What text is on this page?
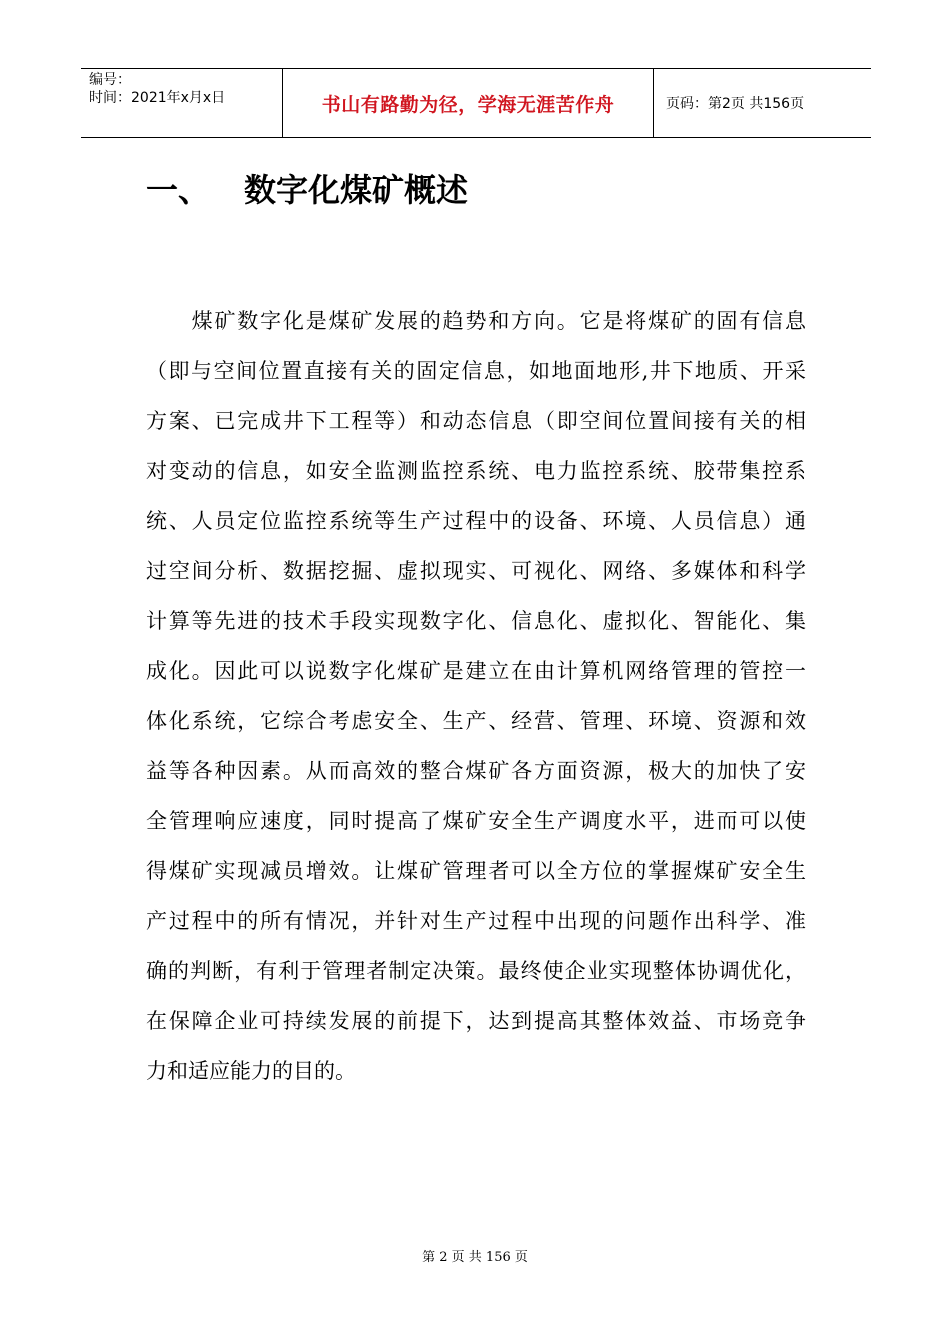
编号：
时间：2021年x月x日	书山有路勤为径，学海无涯苦作舟	页码：第2页 共156页
一、	数字化煤矿概述
　　煤矿数字化是煤矿发展的趋势和方向。它是将煤矿的固有信息
（即与空间位置直接有关的固定信息，如地面地形,井下地质、开采
方案、已完成井下工程等）和动态信息（即空间位置间接有关的相
对变动的信息，如安全监测监控系统、电力监控系统、胶带集控系
统、人员定位监控系统等生产过程中的设备、环境、人员信息）通
过空间分析、数据挖掘、虚拟现实、可视化、网络、多媒体和科学
计算等先进的技术手段实现数字化、信息化、虚拟化、智能化、集
成化。因此可以说数字化煤矿是建立在由计算机网络管理的管控一
体化系统，它综合考虑安全、生产、经营、管理、环境、资源和效
益等各种因素。从而高效的整合煤矿各方面资源，极大的加快了安
全管理响应速度，同时提高了煤矿安全生产调度水平，进而可以使
得煤矿实现减员增效。让煤矿管理者可以全方位的掌握煤矿安全生
产过程中的所有情况，并针对生产过程中出现的问题作出科学、准
确的判断，有利于管理者制定决策。最终使企业实现整体协调优化，
在保障企业可持续发展的前提下，达到提高其整体效益、市场竞争
力和适应能力的目的。
第 2 页 共 156 页
